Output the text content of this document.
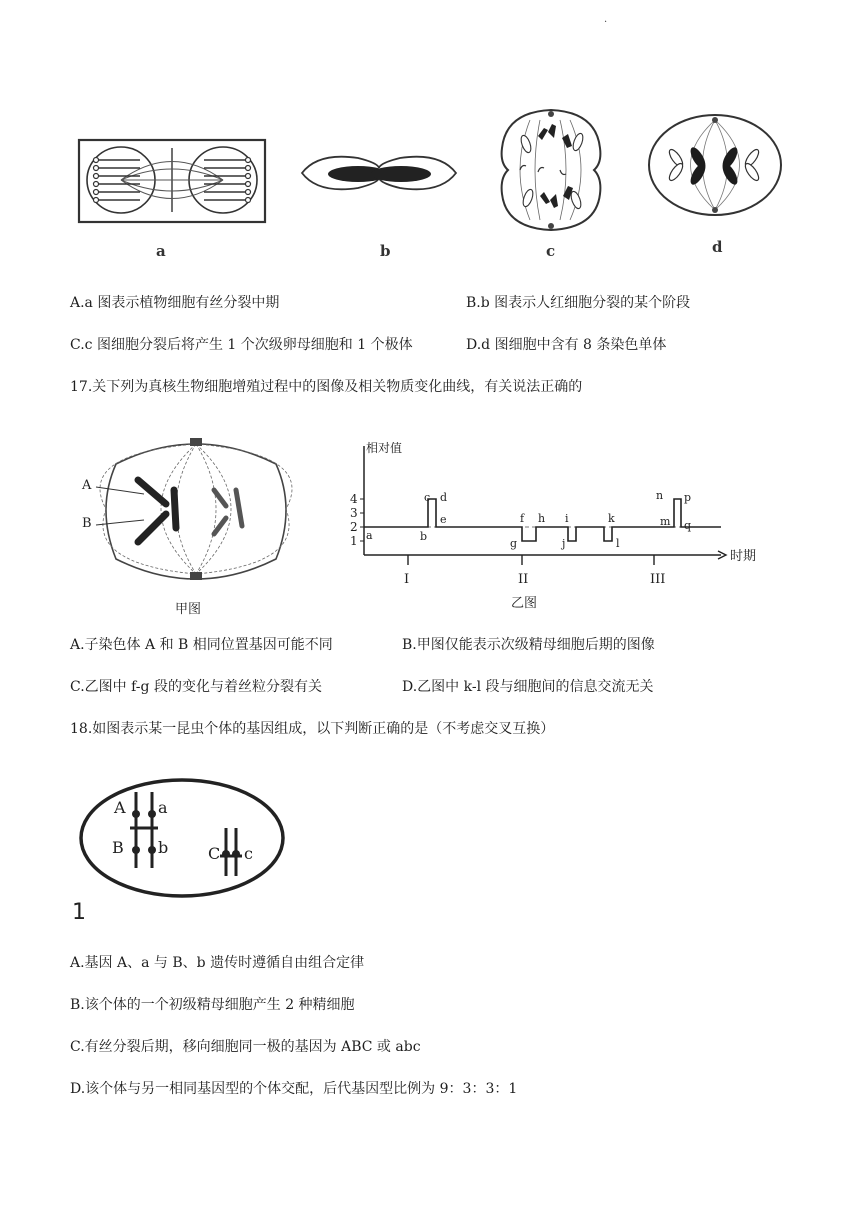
.
a	b	c	d
A.a 图表示植物细胞有丝分裂中期	B.b 图表示人红细胞分裂的某个阶段
C.c 图细胞分裂后将产生 1 个次级卵母细胞和 1 个极体	D.d 图细胞中含有 8 条染色单体
17.关下列为真核生物细胞增殖过程中的图像及相关物质变化曲线，有关说法正确的
A
B
甲图
相对值
时期
1
2
3
4
I	II	III
a	b
c d
e	f
g
h i
j
k
l
m
n p
q
乙图
A.子染色体 A 和 B 相同位置基因可能不同	B.甲图仅能表示次级精母细胞后期的图像
C.乙图中 f-g 段的变化与着丝粒分裂有关	D.乙图中 k-l 段与细胞间的信息交流无关
18.如图表示某一昆虫个体的基因组成，以下判断正确的是（不考虑交叉互换）
A a
B b C c
1
A.基因 A、a 与 B、b 遗传时遵循自由组合定律
B.该个体的一个初级精母细胞产生 2 种精细胞
C.有丝分裂后期，移向细胞同一极的基因为 ABC 或 abc
D.该个体与另一相同基因型的个体交配，后代基因型比例为 9：3：3：1
